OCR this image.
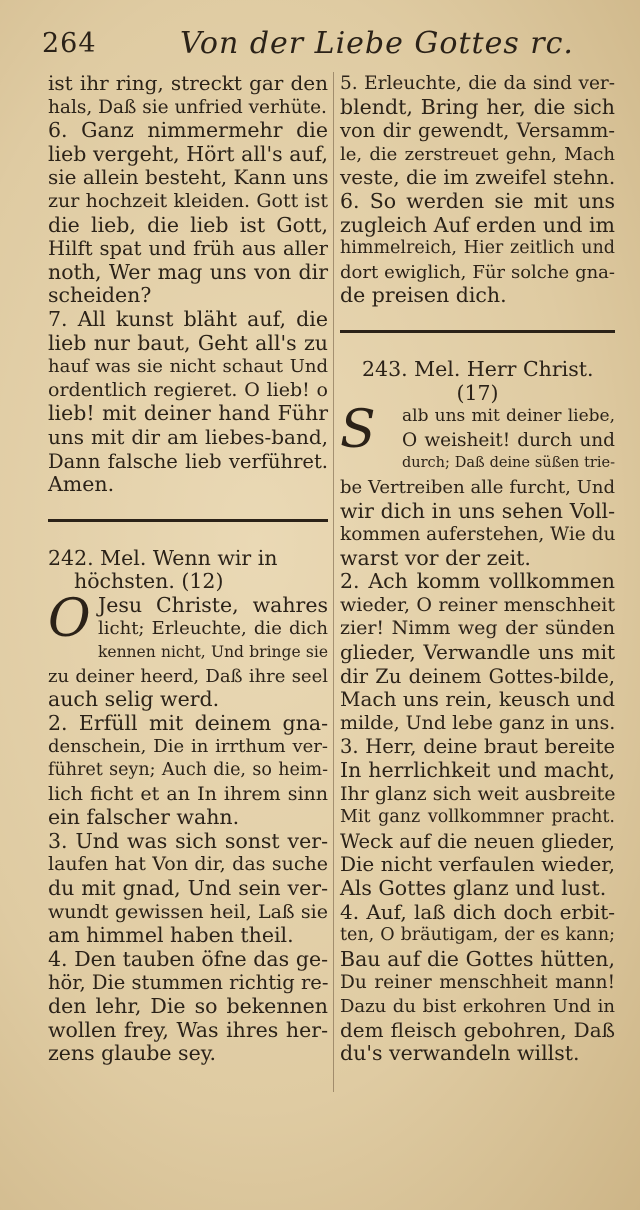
264	Von der Liebe Gottes rc.
ist ihr ring, streckt gar den
hals, Daß sie unfried verhüte.
6. Ganz nimmermehr die
lieb vergeht, Hört all's auf,
sie allein besteht, Kann uns
zur hochzeit kleiden. Gott ist
die lieb, die lieb ist Gott,
Hilft spat und früh aus aller
noth, Wer mag uns von dir
scheiden?
7. All kunst bläht auf, die
lieb nur baut, Geht all's zu
hauf was sie nicht schaut Und
ordentlich regieret. O lieb! o
lieb! mit deiner hand Führ
uns mit dir am liebes-band,
Dann falsche lieb verführet.
Amen.
242. Mel. Wenn wir in
höchsten. (12)
O Jesu Christe, wahres
licht; Erleuchte, die dich
kennen nicht, Und bringe sie
zu deiner heerd, Daß ihre seel
auch selig werd.
2. Erfüll mit deinem gna-
denschein, Die in irrthum ver-
führet seyn; Auch die, so heim-
lich ficht et an In ihrem sinn
ein falscher wahn.
3. Und was sich sonst ver-
laufen hat Von dir, das suche
du mit gnad, Und sein ver-
wundt gewissen heil, Laß sie
am himmel haben theil.
4. Den tauben öfne das ge-
hör, Die stummen richtig re-
den lehr, Die so bekennen
wollen frey, Was ihres her-
zens glaube sey.
5. Erleuchte, die da sind ver-
blendt, Bring her, die sich
von dir gewendt, Versamm-
le, die zerstreuet gehn, Mach
veste, die im zweifel stehn.
6. So werden sie mit uns
zugleich Auf erden und im
himmelreich, Hier zeitlich und
dort ewiglich, Für solche gna-
de preisen dich.
243. Mel. Herr Christ.
(17)
S	alb uns mit deiner liebe,
O weisheit! durch und
durch; Daß deine süßen trie-
be Vertreiben alle furcht, Und
wir dich in uns sehen Voll-
kommen auferstehen, Wie du
warst vor der zeit.
2. Ach komm vollkommen
wieder, O reiner menschheit
zier! Nimm weg der sünden
glieder, Verwandle uns mit
dir Zu deinem Gottes-bilde,
Mach uns rein, keusch und
milde, Und lebe ganz in uns.
3. Herr, deine braut bereite
In herrlichkeit und macht,
Ihr glanz sich weit ausbreite
Mit ganz vollkommner pracht.
Weck auf die neuen glieder,
Die nicht verfaulen wieder,
Als Gottes glanz und lust.
4. Auf, laß dich doch erbit-
ten, O bräutigam, der es kann;
Bau auf die Gottes hütten,
Du reiner menschheit mann!
Dazu du bist erkohren Und in
dem fleisch gebohren, Daß
du's verwandeln willst.
